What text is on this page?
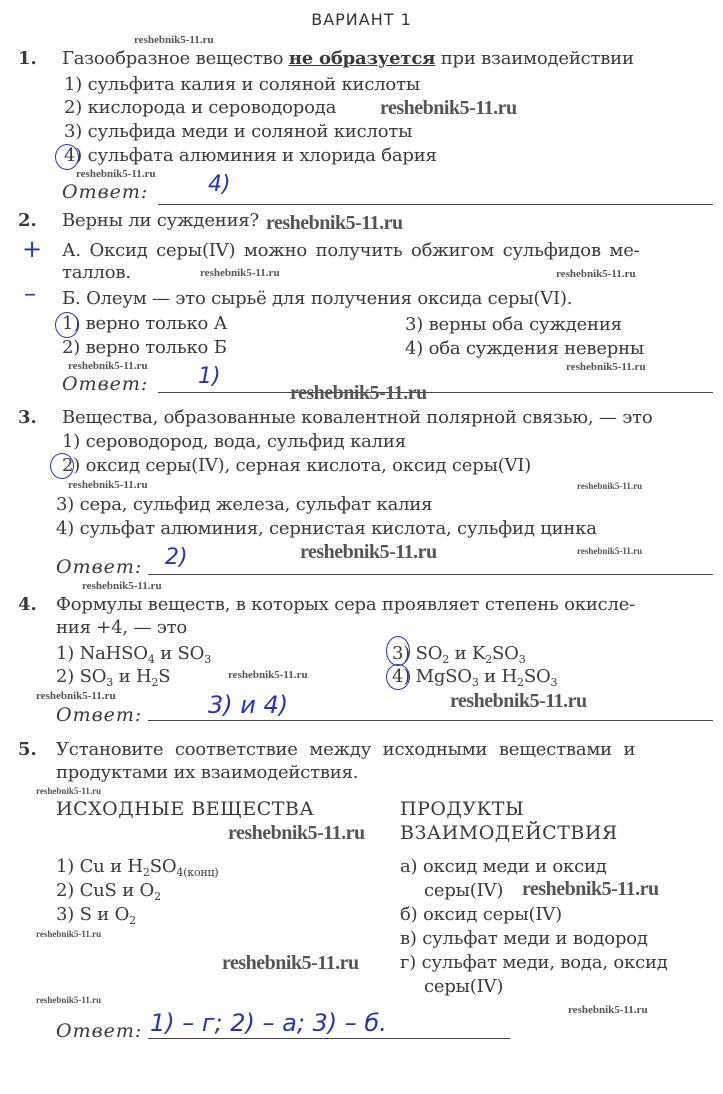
ВАРИАНТ 1
1. Газообразное вещество не образуется при взаимодействии
1) сульфита калия и соляной кислоты
2) кислорода и сероводорода
3) сульфида меди и соляной кислоты
4) сульфата алюминия и хлорида бария
Ответ:	4)
2. Верны ли суждения?
А. Оксид серы(IV) можно получить обжигом сульфидов ме-
таллов.
Б. Олеум — это сырьё для получения оксида серы(VI).
+
–
1) верно только А
2) верно только Б
3) верны оба суждения
4) оба суждения неверны
Ответ: 1)
3. Вещества, образованные ковалентной полярной связью, — это
1) сероводород, вода, сульфид калия
2) оксид серы(IV), серная кислота, оксид серы(VI)
3) сера, сульфид железа, сульфат калия
4) сульфат алюминия, сернистая кислота, сульфид цинка
Ответ: 2)
4. Формулы веществ, в которых сера проявляет степень окисле-
ния +4, — это
1) NaHSO$_4$ и $SO_3$
2) $SO_3$ и $H_2S$
3) $SO_2$ и $K_2SO_3$
4) MgSO$_3$ и $H_2SO_3$
Ответ:	3) и 4)
5. Установите соответствие между исходными веществами и
продуктами их взаимодействия.
ИСХОДНЫЕ ВЕЩЕСТВА	ПРОДУКТЫ
ВЗАИМОДЕЙСТВИЯ
1) Cu и $H_2SO_{4(конц)}$
2) CuS и $O_2$
3) S и $O_2$
а) оксид меди и оксид
серы(IV)
б) оксид серы(IV)
в) сульфат меди и водород
г) сульфат меди, вода, оксид
серы(IV)
Ответ: 1) – г; 2) – а; 3) – б.
reshebnik5-11.ru
reshebnik5-11.ru
reshebnik5-11.ru
reshebnik5-11.ru
reshebnik5-11.ru	reshebnik5-11.ru
reshebnik5-11.ru	reshebnik5-11.ru
reshebnik5-11.ru
reshebnik5-11.ru	reshebnik5-11.ru
reshebnik5-11.ru	reshebnik5-11.ru
reshebnik5-11.ru
reshebnik5-11.ru
reshebnik5-11.ru	reshebnik5-11.ru
reshebnik5-11.ru
reshebnik5-11.ru
reshebnik5-11.ru
reshebnik5-11.ru
reshebnik5-11.ru
reshebnik5-11.ru
reshebnik5-11.ru
